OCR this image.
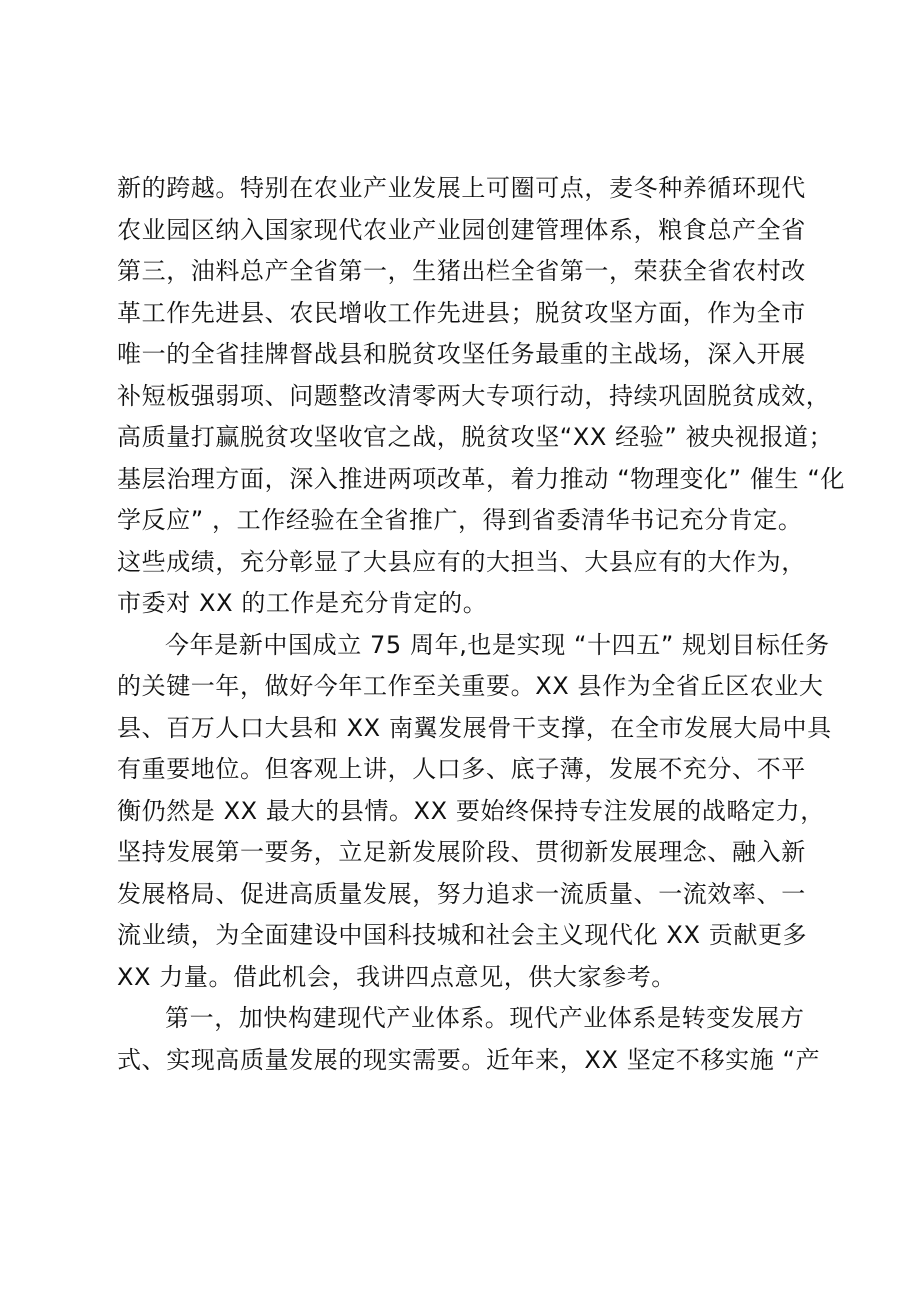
新的跨越。特别在农业产业发展上可圈可点，麦冬种养循环现代
农业园区纳入国家现代农业产业园创建管理体系，粮食总产全省
第三，油料总产全省第一，生猪出栏全省第一，荣获全省农村改
革工作先进县、农民增收工作先进县；脱贫攻坚方面，作为全市
唯一的全省挂牌督战县和脱贫攻坚任务最重的主战场，深入开展
补短板强弱项、问题整改清零两大专项行动，持续巩固脱贫成效，
高质量打赢脱贫攻坚收官之战，脱贫攻坚“XX 经验” 被央视报道；
基层治理方面，深入推进两项改革，着力推动 “物理变化” 催生 “化
学反应” ，工作经验在全省推广，得到省委清华书记充分肯定。
这些成绩，充分彰显了大县应有的大担当、大县应有的大作为，
市委对 XX 的工作是充分肯定的。
今年是新中国成立 75 周年,也是实现 “十四五” 规划目标任务
的关键一年，做好今年工作至关重要。XX 县作为全省丘区农业大
县、百万人口大县和 XX 南翼发展骨干支撑，在全市发展大局中具
有重要地位。但客观上讲，人口多、底子薄，发展不充分、不平
衡仍然是 XX 最大的县情。XX 要始终保持专注发展的战略定力，
坚持发展第一要务，立足新发展阶段、贯彻新发展理念、融入新
发展格局、促进高质量发展，努力追求一流质量、一流效率、一
流业绩，为全面建设中国科技城和社会主义现代化 XX 贡献更多
XX 力量。借此机会，我讲四点意见，供大家参考。
第一，加快构建现代产业体系。现代产业体系是转变发展方
式、实现高质量发展的现实需要。近年来，XX 坚定不移实施 “产
